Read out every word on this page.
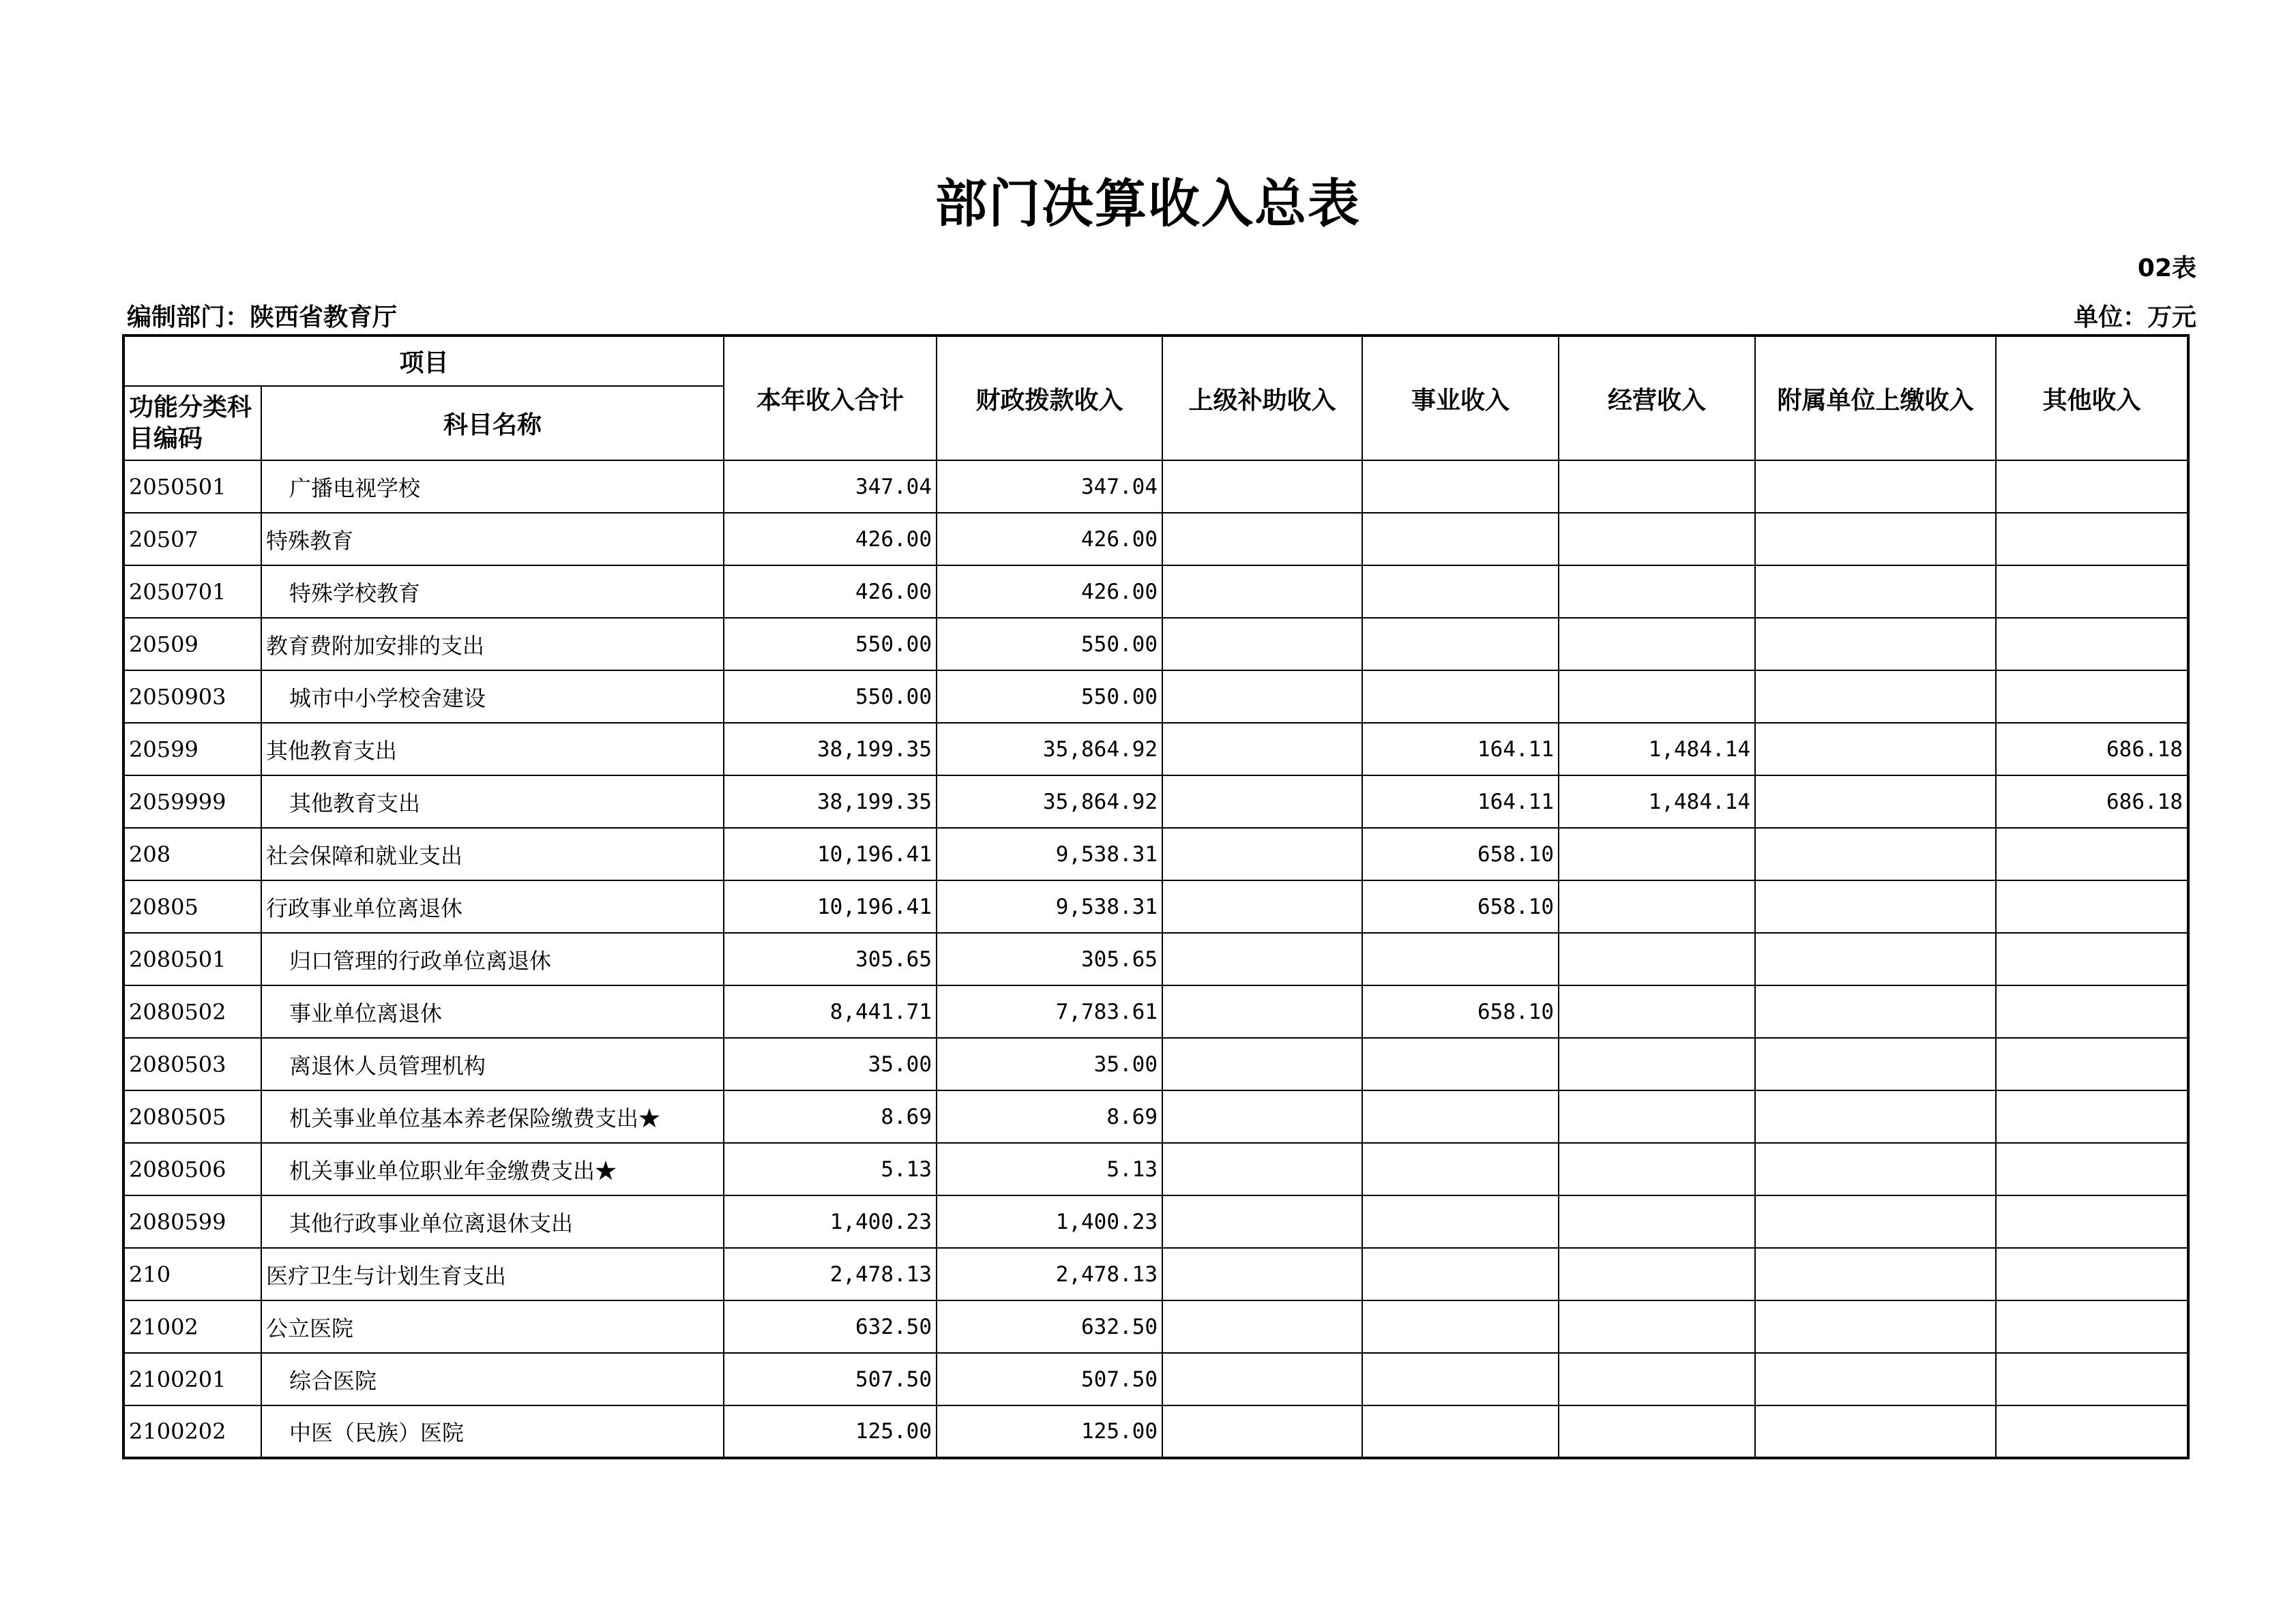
部门决算收入总表
02表
编制部门：陕西省教育厅	单位：万元
项目		本年收入合计	财政拨款收入	上级补助收入	事业收入	经营收入	附属单位上缴收入	其他收入
功能分类科目编码	科目名称							
2050501	广播电视学校	347.04	347.04					
20507	特殊教育	426.00	426.00					
2050701	特殊学校教育	426.00	426.00					
20509	教育费附加安排的支出	550.00	550.00					
2050903	城市中小学校舍建设	550.00	550.00					
20599	其他教育支出	38,199.35	35,864.92		164.11	1,484.14		686.18
2059999	其他教育支出	38,199.35	35,864.92		164.11	1,484.14		686.18
208	社会保障和就业支出	10,196.41	9,538.31		658.10			
20805	行政事业单位离退休	10,196.41	9,538.31		658.10			
2080501	归口管理的行政单位离退休	305.65	305.65					
2080502	事业单位离退休	8,441.71	7,783.61		658.10			
2080503	离退休人员管理机构	35.00	35.00					
2080505	机关事业单位基本养老保险缴费支出★	8.69	8.69					
2080506	机关事业单位职业年金缴费支出★	5.13	5.13					
2080599	其他行政事业单位离退休支出	1,400.23	1,400.23					
210	医疗卫生与计划生育支出	2,478.13	2,478.13					
21002	公立医院	632.50	632.50					
2100201	综合医院	507.50	507.50					
2100202	中医（民族）医院	125.00	125.00					
